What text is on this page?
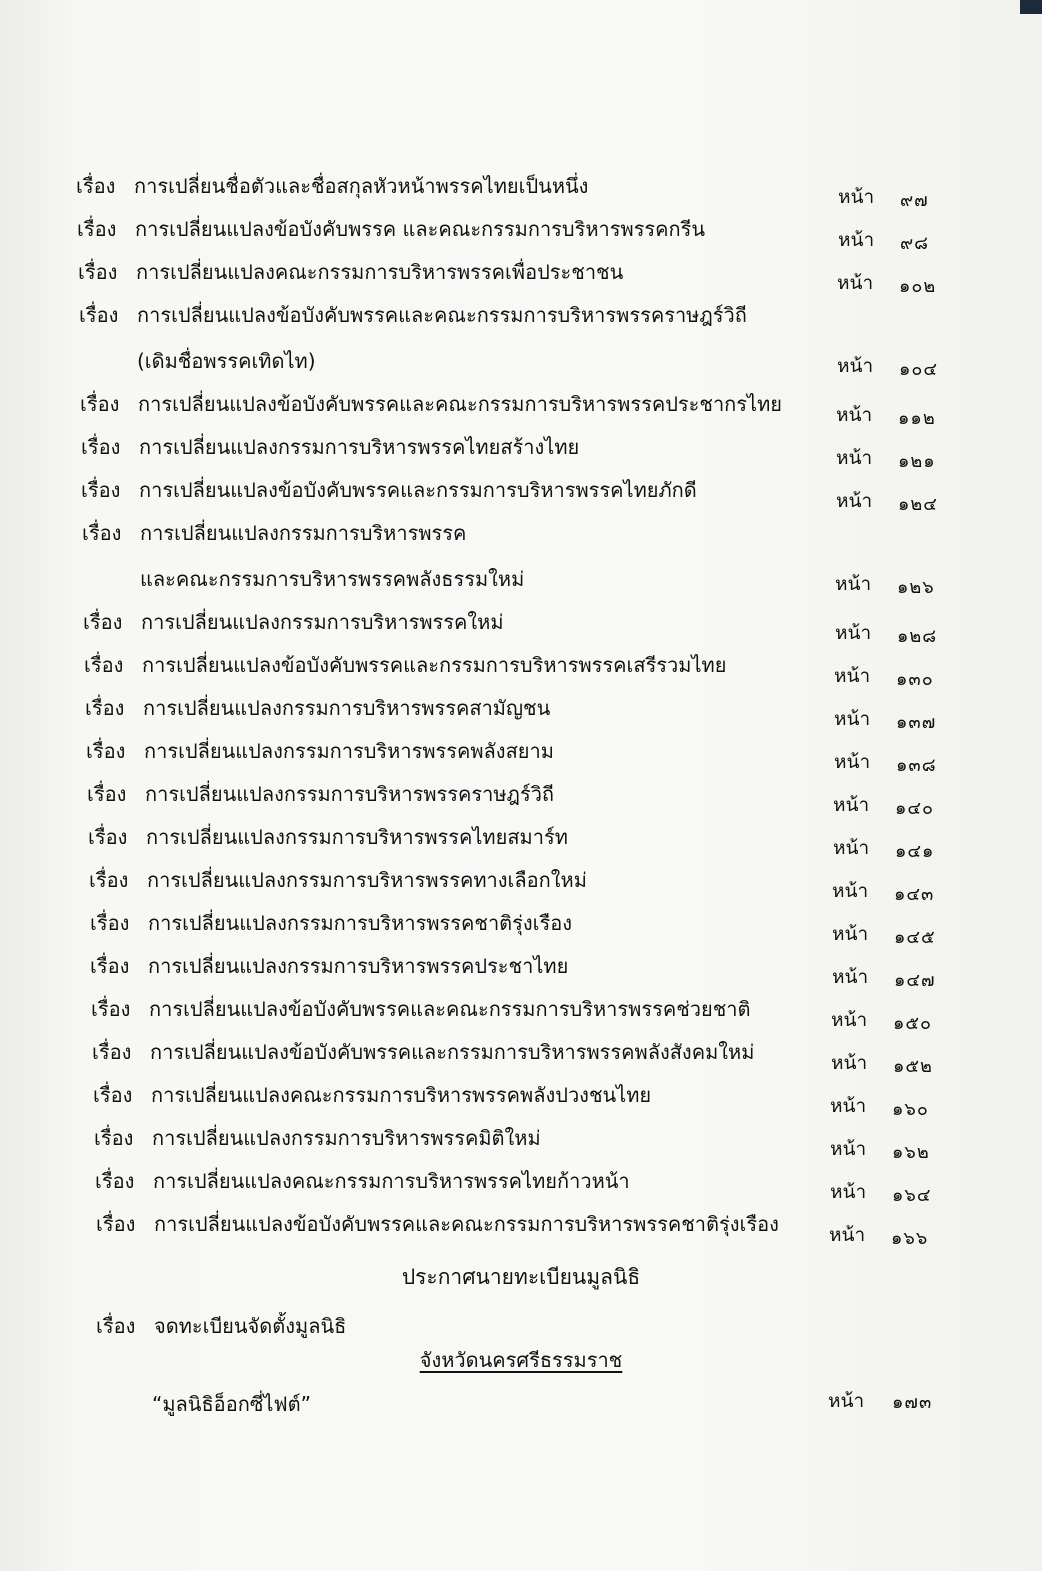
เรื่อง การเปลี่ยนชื่อตัวและชื่อสกุลหัวหน้าพรรคไทยเป็นหนึ่ง	หน้า ๙๗
เรื่อง การเปลี่ยนแปลงข้อบังคับพรรค และคณะกรรมการบริหารพรรคกรีน	หน้า ๙๘
เรื่อง การเปลี่ยนแปลงคณะกรรมการบริหารพรรคเพื่อประชาชน	หน้า ๑๐๒
เรื่อง การเปลี่ยนแปลงข้อบังคับพรรคและคณะกรรมการบริหารพรรคราษฎร์วิถี
(เดิมชื่อพรรคเทิดไท)	หน้า ๑๐๔
เรื่อง การเปลี่ยนแปลงข้อบังคับพรรคและคณะกรรมการบริหารพรรคประชากรไทย	หน้า ๑๑๒
เรื่อง การเปลี่ยนแปลงกรรมการบริหารพรรคไทยสร้างไทย	หน้า ๑๒๑
เรื่อง การเปลี่ยนแปลงข้อบังคับพรรคและกรรมการบริหารพรรคไทยภักดี	หน้า ๑๒๔
เรื่อง การเปลี่ยนแปลงกรรมการบริหารพรรค
และคณะกรรมการบริหารพรรคพลังธรรมใหม่	หน้า ๑๒๖
เรื่อง การเปลี่ยนแปลงกรรมการบริหารพรรคใหม่	หน้า ๑๒๘
เรื่อง การเปลี่ยนแปลงข้อบังคับพรรคและกรรมการบริหารพรรคเสรีรวมไทย	หน้า ๑๓๐
เรื่อง การเปลี่ยนแปลงกรรมการบริหารพรรคสามัญชน	หน้า ๑๓๗
เรื่อง การเปลี่ยนแปลงกรรมการบริหารพรรคพลังสยาม	หน้า ๑๓๘
เรื่อง การเปลี่ยนแปลงกรรมการบริหารพรรคราษฎร์วิถี	หน้า ๑๔๐
เรื่อง การเปลี่ยนแปลงกรรมการบริหารพรรคไทยสมาร์ท	หน้า ๑๔๑
เรื่อง การเปลี่ยนแปลงกรรมการบริหารพรรคทางเลือกใหม่	หน้า ๑๔๓
เรื่อง การเปลี่ยนแปลงกรรมการบริหารพรรคชาติรุ่งเรือง	หน้า ๑๔๕
เรื่อง การเปลี่ยนแปลงกรรมการบริหารพรรคประชาไทย	หน้า ๑๔๗
เรื่อง การเปลี่ยนแปลงข้อบังคับพรรคและคณะกรรมการบริหารพรรคช่วยชาติ	หน้า ๑๕๐
เรื่อง การเปลี่ยนแปลงข้อบังคับพรรคและกรรมการบริหารพรรคพลังสังคมใหม่	หน้า ๑๕๒
เรื่อง การเปลี่ยนแปลงคณะกรรมการบริหารพรรคพลังปวงชนไทย	หน้า ๑๖๐
เรื่อง การเปลี่ยนแปลงกรรมการบริหารพรรคมิติใหม่	หน้า ๑๖๒
เรื่อง การเปลี่ยนแปลงคณะกรรมการบริหารพรรคไทยก้าวหน้า	หน้า ๑๖๔
เรื่อง การเปลี่ยนแปลงข้อบังคับพรรคและคณะกรรมการบริหารพรรคชาติรุ่งเรือง	หน้า ๑๖๖
ประกาศนายทะเบียนมูลนิธิ
เรื่อง จดทะเบียนจัดตั้งมูลนิธิ
จังหวัดนครศรีธรรมราช
“มูลนิธิอ็อกซี่ไฟต์”	หน้า ๑๗๓
